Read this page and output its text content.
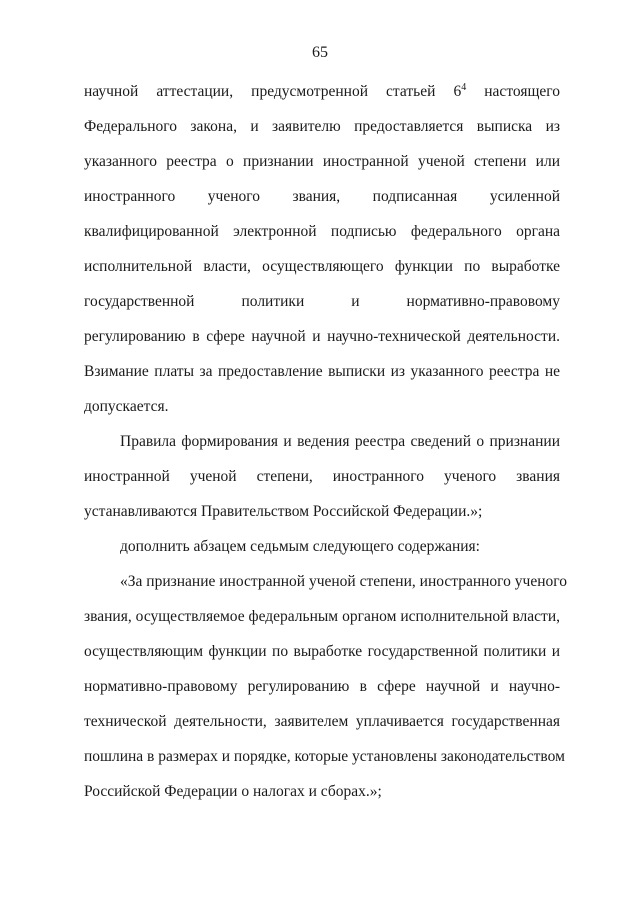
65
научной аттестации, предусмотренной статьей $6^4$ настоящего
Федерального закона, и заявителю предоставляется выписка из
указанного реестра о признании иностранной ученой степени или
иностранного ученого звания, подписанная усиленной
квалифицированной электронной подписью федерального органа
исполнительной власти, осуществляющего функции по выработке
государственной политики и нормативно-правовому
регулированию в сфере научной и научно-технической деятельности.
Взимание платы за предоставление выписки из указанного реестра не
допускается.
Правила формирования и ведения реестра сведений о признании
иностранной ученой степени, иностранного ученого звания
устанавливаются Правительством Российской Федерации.»;
дополнить абзацем седьмым следующего содержания:
«За признание иностранной ученой степени, иностранного ученого
звания, осуществляемое федеральным органом исполнительной власти,
осуществляющим функции по выработке государственной политики и
нормативно-правовому регулированию в сфере научной и научно-
технической деятельности, заявителем уплачивается государственная
пошлина в размерах и порядке, которые установлены законодательством
Российской Федерации о налогах и сборах.»;
